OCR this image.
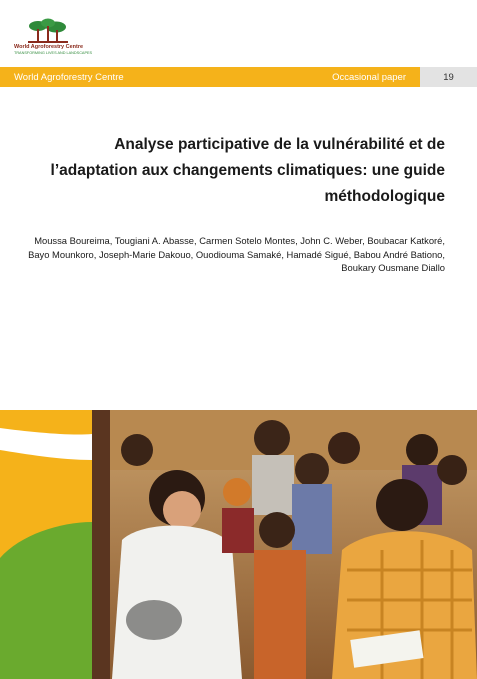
World Agroforestry Centre
TRANSFORMING LIVES AND LANDSCAPES
World Agroforestry Centre	Occasional paper	19
Analyse participative de la vulnérabilité et de l’adaptation aux changements climatiques: une guide méthodologique

Moussa Boureima, Tougiani A. Abasse, Carmen Sotelo Montes, John C. Weber, Boubacar Katkoré, Bayo Mounkoro, Joseph-Marie Dakouo, Ouodiouma Samaké, Hamadé Sigué, Babou André Bationo, Boukary Ousmane Diallo
